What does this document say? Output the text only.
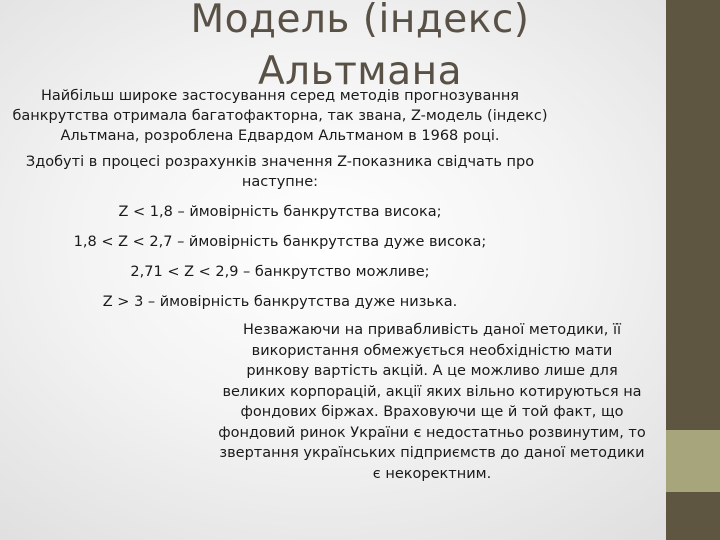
Модель (індекс) Альтмана

Найбільш широке застосування серед методів прогнозування банкрутства отримала багатофакторна, так звана, Z-модель (індекс) Альтмана, розроблена Едвардом Альтманом в 1968 році.

Здобуті в процесі розрахунків значення Z-показника свідчать про наступне:

Z < 1,8 – ймовірність банкрутства висока;

1,8 < Z < 2,7 – ймовірність банкрутства дуже висока;

2,71 < Z < 2,9 – банкрутство можливе;

Z > 3 – ймовірність банкрутства дуже низька.

Незважаючи на привабливість даної методики, її використання обмежується необхідністю мати ринкову вартість акцій. А це можливо лише для великих корпорацій, акції яких вільно котируються на фондових біржах. Враховуючи ще й той факт, що фондовий ринок України є недостатньо розвинутим, то звертання українських підприємств до даної методики є некоректним.
